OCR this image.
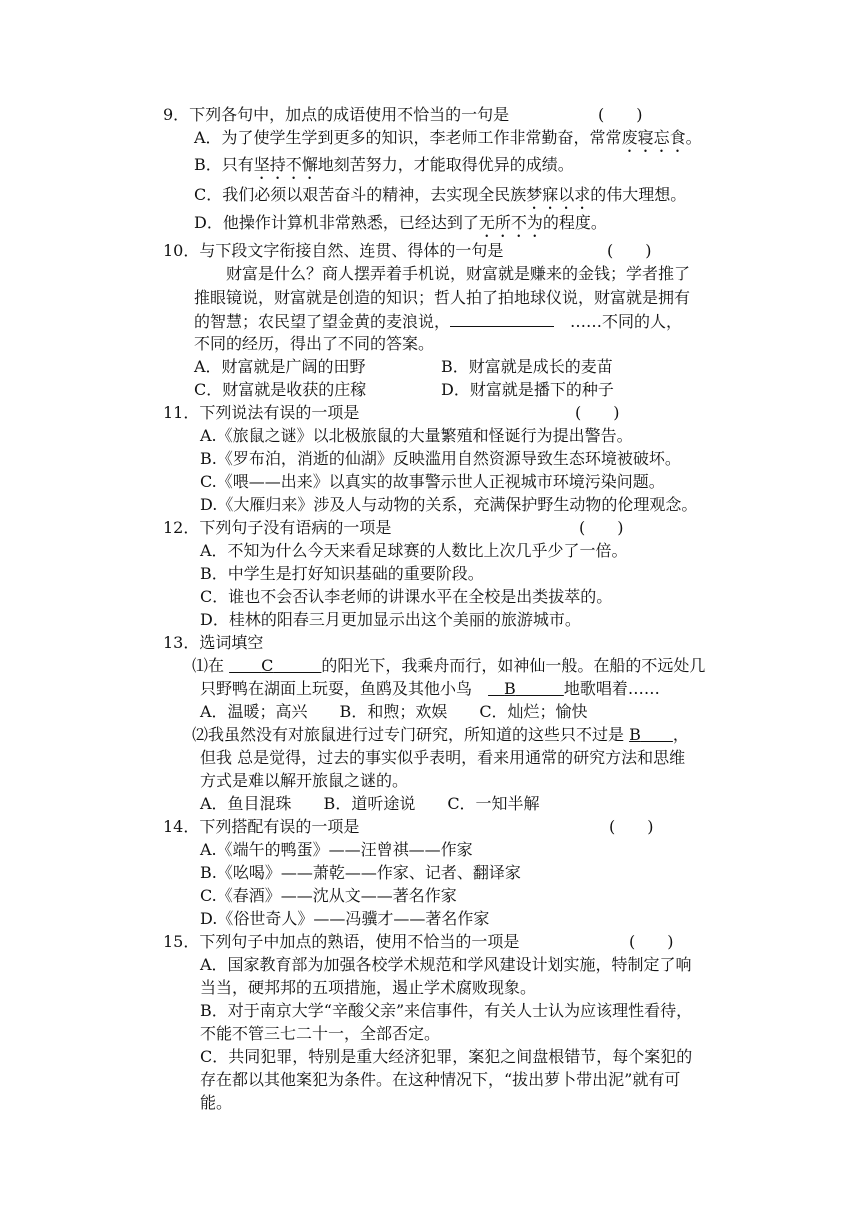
9．下列各句中，加点的成语使用不恰当的一句是	(　　)
A．为了使学生学到更多的知识，李老师工作非常勤奋，常常废寝忘食。
B．只有坚持不懈地刻苦努力，才能取得优异的成绩。
C．我们必须以艰苦奋斗的精神，去实现全民族梦寐以求的伟大理想。
D．他操作计算机非常熟悉，已经达到了无所不为的程度。
10．与下段文字衔接自然、连贯、得体的一句是	(　　)
　　财富是什么？商人摆弄着手机说，财富就是赚来的金钱；学者推了
推眼镜说，财富就是创造的知识；哲人拍了拍地球仪说，财富就是拥有
的智慧；农民望了望金黄的麦浪说，	　……不同的人，
不同的经历，得出了不同的答案。
A．财富就是广阔的田野	B．财富就是成长的麦苗
C．财富就是收获的庄稼	D．财富就是播下的种子
11．下列说法有误的一项是	(　　)
A.《旅鼠之谜》以北极旅鼠的大量繁殖和怪诞行为提出警告。
B.《罗布泊，消逝的仙湖》反映滥用自然资源导致生态环境被破坏。
C.《喂——出来》以真实的故事警示世人正视城市环境污染问题。
D.《大雁归来》涉及人与动物的关系，充满保护野生动物的伦理观念。
12．下列句子没有语病的一项是	(　　)
A．不知为什么今天来看足球赛的人数比上次几乎少了一倍。
B．中学生是打好知识基础的重要阶段。
C．谁也不会否认李老师的讲课水平在全校是出类拔萃的。
D．桂林的阳春三月更加显示出这个美丽的旅游城市。
13．选词填空
⑴在 　　 C　　　	的阳光下，我乘舟而行，如神仙一般。在船的不远处几
只野鸭在湖面上玩耍，鱼鸥及其他小鸟　　 B　　　	地歌唱着……
A．温暖；高兴　　B．和煦；欢娱　　C．灿烂；愉快
⑵我虽然没有对旅鼠进行过专门研究，所知道的这些只不过是 B　　 ，
但我 总是觉得，过去的事实似乎表明，看来用通常的研究方法和思维
方式是难以解开旅鼠之谜的。
A．鱼目混珠　　B．道听途说　　C．一知半解
14．下列搭配有误的一项是	(　　)
A.《端午的鸭蛋》——汪曾祺——作家
B.《吆喝》——萧乾——作家、记者、翻译家
C.《春酒》——沈从文——著名作家
D.《俗世奇人》——冯骥才——著名作家
15．下列句子中加点的熟语，使用不恰当的一项是	(　　)
A．国家教育部为加强各校学术规范和学风建设计划实施，特制定了响
当当，硬邦邦的五项措施，遏止学术腐败现象。
B．对于南京大学“辛酸父亲”来信事件，有关人士认为应该理性看待，
不能不管三七二十一，全部否定。
C．共同犯罪，特别是重大经济犯罪，案犯之间盘根错节，每个案犯的
存在都以其他案犯为条件。在这种情况下，“拔出萝卜带出泥”就有可
能。
